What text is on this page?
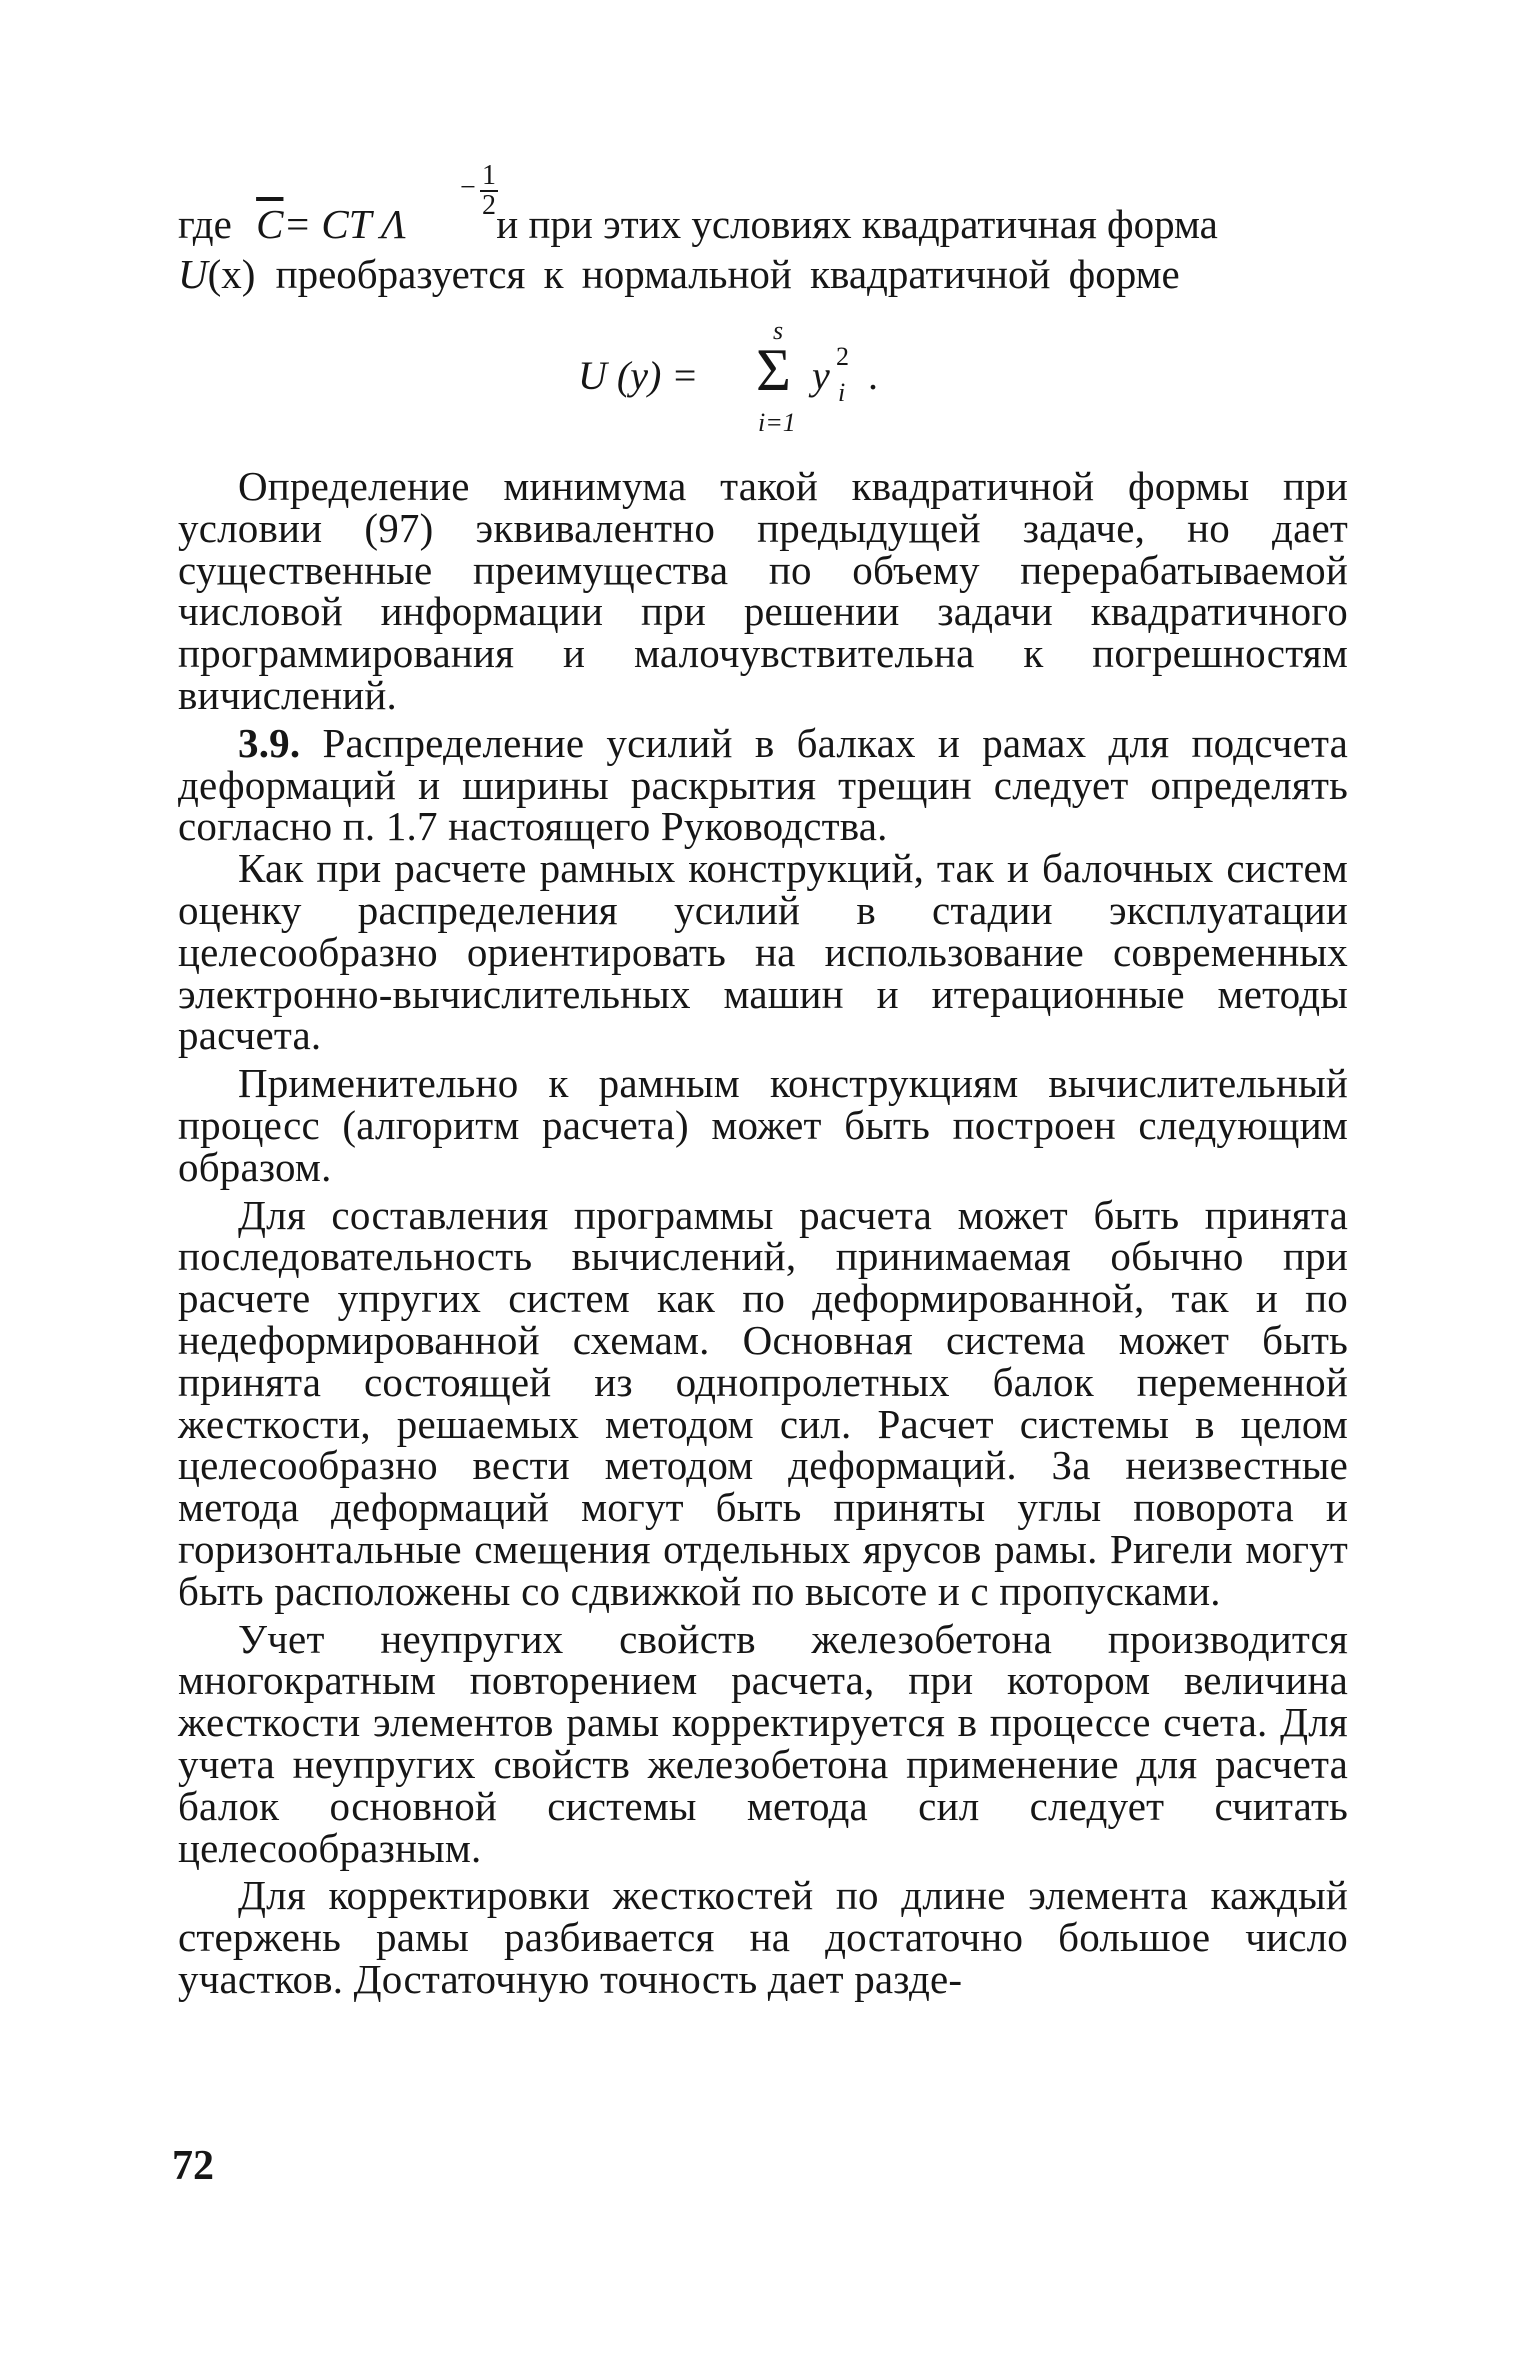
где $\overline{C}=$ CT Λ и при этих условиях квадратичная форма
− 1
2
U(x) преобразуется к нормальной квадратичной форме
U (y) =
s
Σ y 2
i .
i=1

Определение минимума такой квадратичной формы при условии (97) эквивалентно предыдущей задаче, но дает существенные преимущества по объему перерабатываемой числовой информации при решении задачи квадратичного программирования и малочувствительна к погрешностям вичислений.

3.9. Распределение усилий в балках и рамах для подсчета деформаций и ширины раскрытия трещин следует определять согласно п. 1.7 настоящего Руководства.

Как при расчете рамных конструкций, так и балочных систем оценку распределения усилий в стадии эксплуатации целесообразно ориентировать на использование современных электронно-вычислительных машин и итерационные методы расчета.

Применительно к рамным конструкциям вычислительный процесс (алгоритм расчета) может быть построен следующим образом.

Для составления программы расчета может быть принята последовательность вычислений, принимаемая обычно при расчете упругих систем как по деформированной, так и по недеформированной схемам. Основная система может быть принята состоящей из однопролетных балок переменной жесткости, решаемых методом сил. Расчет системы в целом целесообразно вести методом деформаций. За неизвестные метода деформаций могут быть приняты углы поворота и горизонтальные смещения отдельных ярусов рамы. Ригели могут быть расположены со сдвижкой по высоте и с пропусками.

Учет неупругих свойств железобетона производится многократным повторением расчета, при котором величина жесткости элементов рамы корректируется в процессе счета. Для учета неупругих свойств железобетона применение для расчета балок основной системы метода сил следует считать целесообразным.

Для корректировки жесткостей по длине элемента каждый стержень рамы разбивается на достаточно большое число участков. Достаточную точность дает разде-

72
